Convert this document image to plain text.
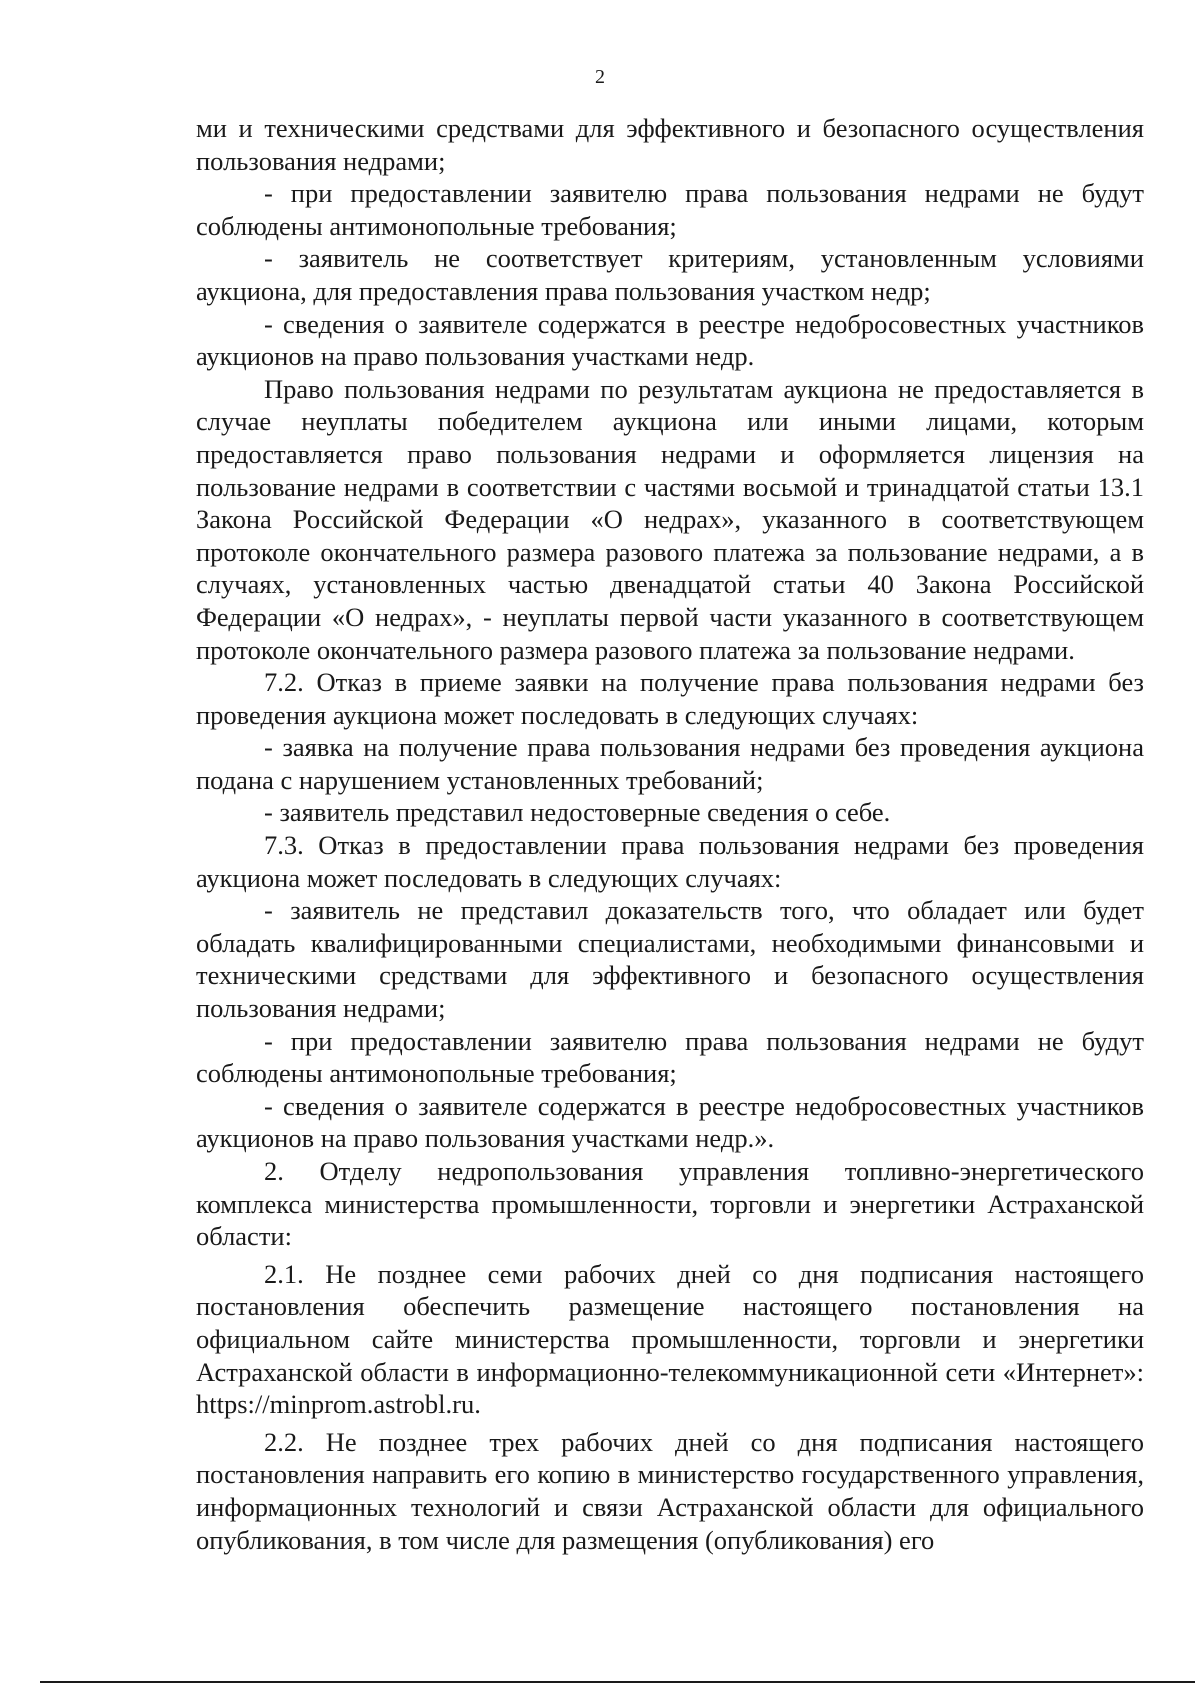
2

ми и техническими средствами для эффективного и безопасного осуществления пользования недрами;

- при предоставлении заявителю права пользования недрами не будут соблюдены антимонопольные требования;

- заявитель не соответствует критериям, установленным условиями аукциона, для предоставления права пользования участком недр;

- сведения о заявителе содержатся в реестре недобросовестных участников аукционов на право пользования участками недр.

Право пользования недрами по результатам аукциона не предоставляется в случае неуплаты победителем аукциона или иными лицами, которым предоставляется право пользования недрами и оформляется лицензия на пользование недрами в соответствии с частями восьмой и тринадцатой статьи 13.1 Закона Российской Федерации «О недрах», указанного в соответствующем протоколе окончательного размера разового платежа за пользование недрами, а в случаях, установленных частью двенадцатой статьи 40 Закона Российской Федерации «О недрах», - неуплаты первой части указанного в соответствующем протоколе окончательного размера разового платежа за пользование недрами.

7.2. Отказ в приеме заявки на получение права пользования недрами без проведения аукциона может последовать в следующих случаях:

- заявка на получение права пользования недрами без проведения аукциона подана с нарушением установленных требований;

- заявитель представил недостоверные сведения о себе.

7.3. Отказ в предоставлении права пользования недрами без проведения аукциона может последовать в следующих случаях:

- заявитель не представил доказательств того, что обладает или будет обладать квалифицированными специалистами, необходимыми финансовыми и техническими средствами для эффективного и безопасного осуществления пользования недрами;

- при предоставлении заявителю права пользования недрами не будут соблюдены антимонопольные требования;

- сведения о заявителе содержатся в реестре недобросовестных участников аукционов на право пользования участками недр.».

2. Отделу недропользования управления топливно-энергетического комплекса министерства промышленности, торговли и энергетики Астраханской области:

2.1. Не позднее семи рабочих дней со дня подписания настоящего постановления обеспечить размещение настоящего постановления на официальном сайте министерства промышленности, торговли и энергетики Астраханской области в информационно-телекоммуникационной сети «Интернет»: https://minprom.astrobl.ru.

2.2. Не позднее трех рабочих дней со дня подписания настоящего постановления направить его копию в министерство государственного управления, информационных технологий и связи Астраханской области для официального опубликования, в том числе для размещения (опубликования) его
